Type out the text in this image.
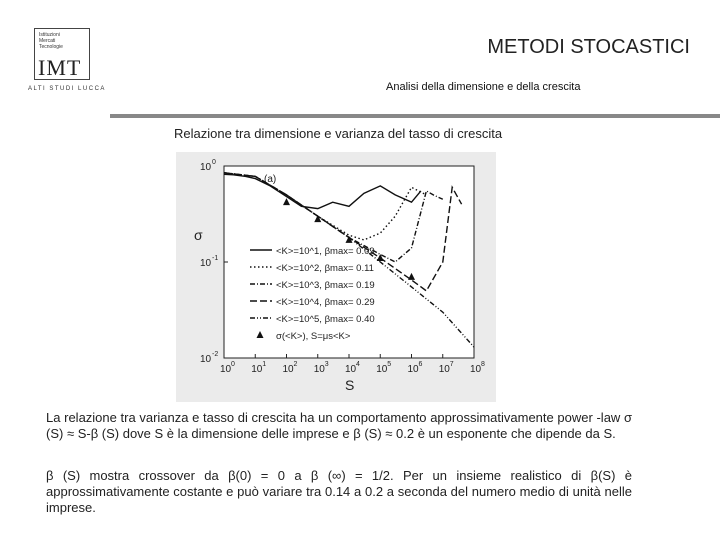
Istituzioni
Mercati
Tecnologie
IMT
ALTI STUDI LUCCA
METODI STOCASTICI
Analisi della dimensione e della crescita
Relazione tra dimensione e varianza del tasso di crescita
10 0 10 1 10 2 10 3 10 4 10 5 10 6 10 7 10 8
10 0
10 -1
10 -2
S
σ
(a)
<K>=10^1, βmax= 0.09
<K>=10^2, βmax= 0.11
<K>=10^3, βmax= 0.19
<K>=10^4, βmax= 0.29
<K>=10^5, βmax= 0.40
σ(<K>), S=μs<K>
La relazione tra varianza e tasso di crescita ha un comportamento approssimativamente power -law σ (S) ≈ S-β (S) dove S è la dimensione delle imprese e β (S) ≈ 0.2 è un esponente che dipende da S.
β (S) mostra crossover da β(0) = 0 a β (∞) = 1/2. Per un insieme realistico di β(S) è approssimativamente costante e può variare tra 0.14 a 0.2 a seconda del numero medio di unità nelle imprese.
